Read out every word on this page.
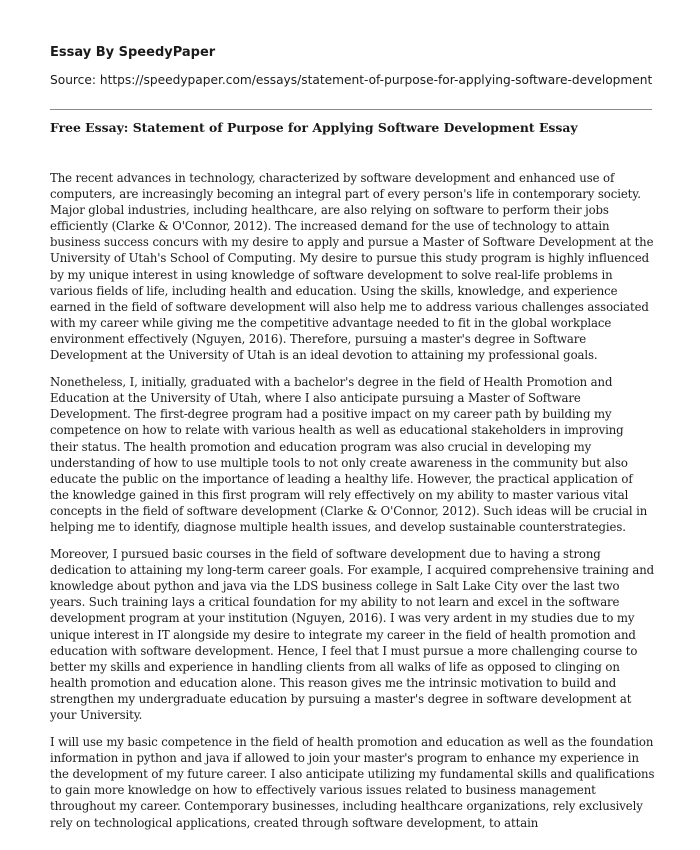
Essay By SpeedyPaper
Source: https://speedypaper.com/essays/statement-of-purpose-for-applying-software-development
Free Essay: Statement of Purpose for Applying Software Development Essay

The recent advances in technology, characterized by software development and enhanced use of computers, are increasingly becoming an integral part of every person's life in contemporary society. Major global industries, including healthcare, are also relying on software to perform their jobs efficiently (Clarke & O'Connor, 2012). The increased demand for the use of technology to attain business success concurs with my desire to apply and pursue a Master of Software Development at the University of Utah's School of Computing. My desire to pursue this study program is highly influenced by my unique interest in using knowledge of software development to solve real-life problems in various fields of life, including health and education. Using the skills, knowledge, and experience earned in the field of software development will also help me to address various challenges associated with my career while giving me the competitive advantage needed to fit in the global workplace environment effectively (Nguyen, 2016). Therefore, pursuing a master's degree in Software Development at the University of Utah is an ideal devotion to attaining my professional goals.

Nonetheless, I, initially, graduated with a bachelor's degree in the field of Health Promotion and Education at the University of Utah, where I also anticipate pursuing a Master of Software Development. The first-degree program had a positive impact on my career path by building my competence on how to relate with various health as well as educational stakeholders in improving their status. The health promotion and education program was also crucial in developing my understanding of how to use multiple tools to not only create awareness in the community but also educate the public on the importance of leading a healthy life. However, the practical application of the knowledge gained in this first program will rely effectively on my ability to master various vital concepts in the field of software development (Clarke & O'Connor, 2012). Such ideas will be crucial in helping me to identify, diagnose multiple health issues, and develop sustainable counterstrategies.

Moreover, I pursued basic courses in the field of software development due to having a strong dedication to attaining my long-term career goals. For example, I acquired comprehensive training and knowledge about python and java via the LDS business college in Salt Lake City over the last two years. Such training lays a critical foundation for my ability to not learn and excel in the software development program at your institution (Nguyen, 2016). I was very ardent in my studies due to my unique interest in IT alongside my desire to integrate my career in the field of health promotion and education with software development. Hence, I feel that I must pursue a more challenging course to better my skills and experience in handling clients from all walks of life as opposed to clinging on health promotion and education alone. This reason gives me the intrinsic motivation to build and strengthen my undergraduate education by pursuing a master's degree in software development at your University.

I will use my basic competence in the field of health promotion and education as well as the foundation information in python and java if allowed to join your master's program to enhance my experience in the development of my future career. I also anticipate utilizing my fundamental skills and qualifications to gain more knowledge on how to effectively various issues related to business management throughout my career. Contemporary businesses, including healthcare organizations, rely exclusively rely on technological applications, created through software development, to attain
